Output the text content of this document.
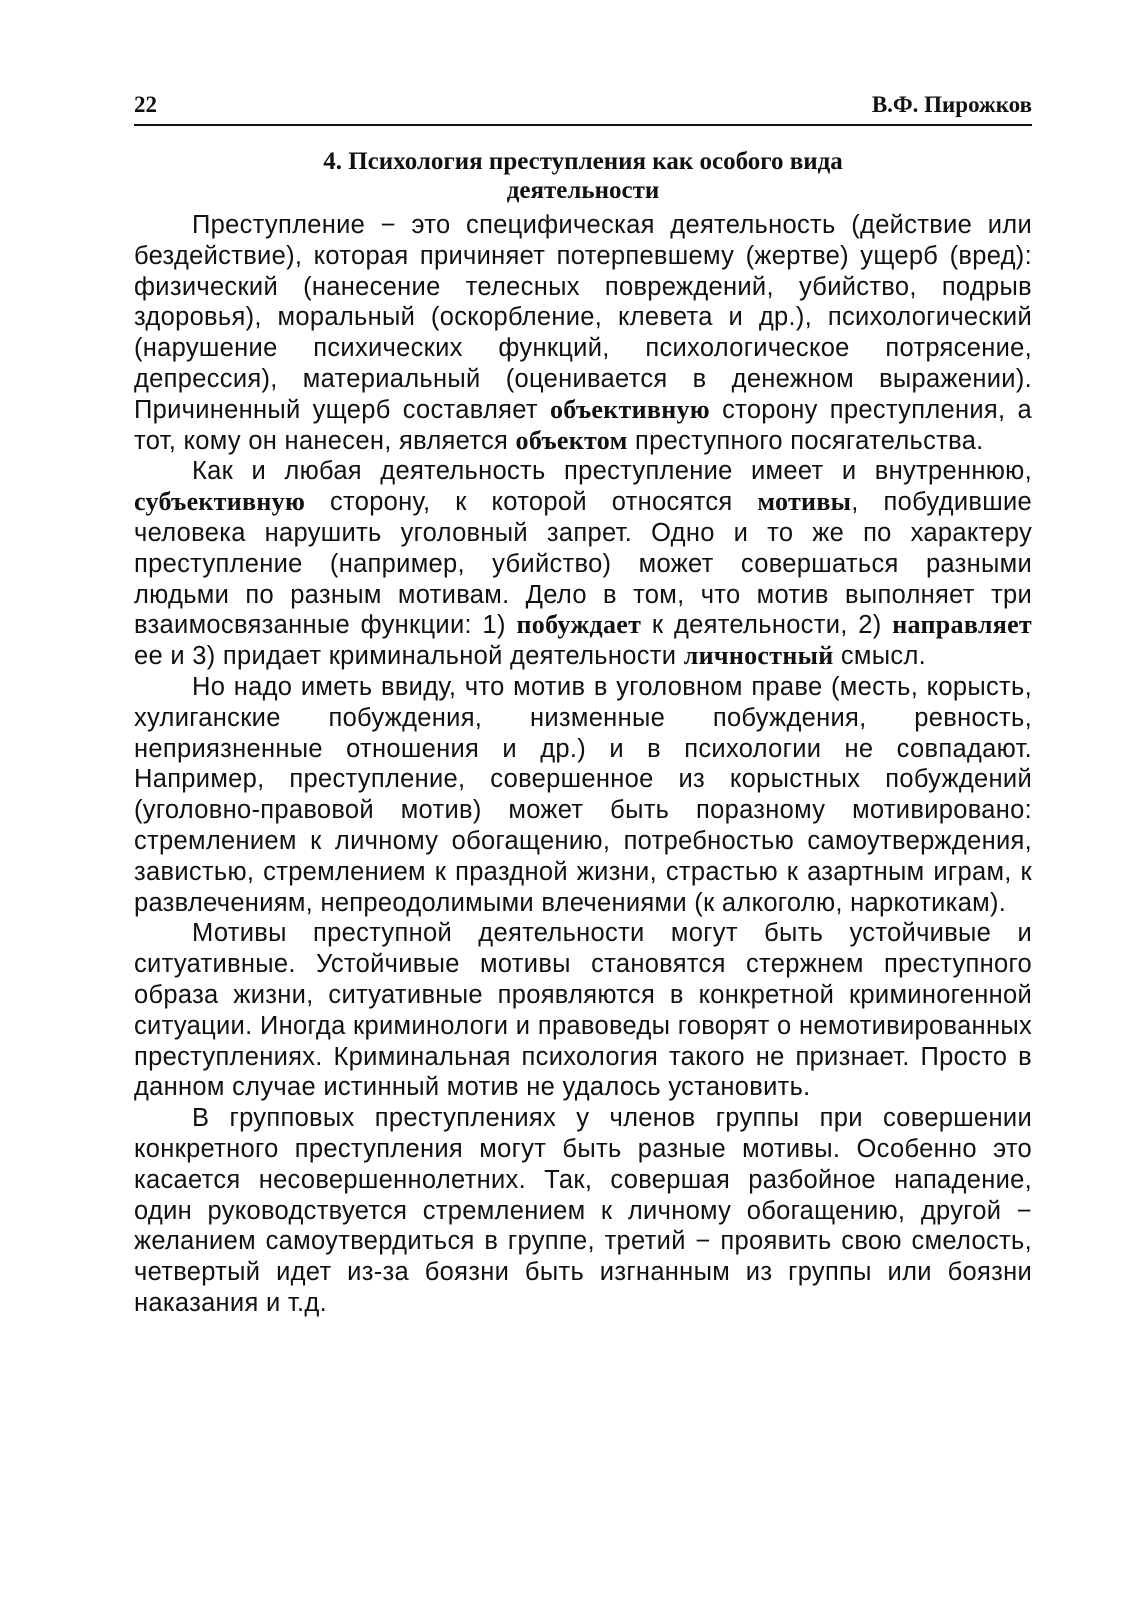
22	В.Ф. Пирожков
4. Психология преступления как особого вида
деятельности

Преступление − это специфическая деятельность (действие или бездействие), которая причиняет потерпевшему (жертве) ущерб (вред): физический (нанесение телесных повреждений, убийство, подрыв здоровья), моральный (оскорбление, клевета и др.), психологический (нарушение психических функций, психологическое потрясение, депрессия), материальный (оценивается в денежном выражении). Причиненный ущерб составляет объективную сторону преступления, а тот, кому он нанесен, является объектом преступного посягательства.

Как и любая деятельность преступление имеет и внутреннюю, субъективную сторону, к которой относятся мотивы, побудившие человека нарушить уголовный запрет. Одно и то же по характеру преступление (например, убийство) может совершаться разными людьми по разным мотивам. Дело в том, что мотив выполняет три взаимосвязанные функции: 1) побуждает к деятельности, 2) направляет ее и 3) придает криминальной деятельности личностный смысл.

Но надо иметь ввиду, что мотив в уголовном праве (месть, корысть, хулиганские побуждения, низменные побуждения, ревность, неприязненные отношения и др.) и в психологии не совпадают. Например, преступление, совершенное из корыстных побуждений (уголовно-правовой мотив) может быть поразному мотивировано: стремлением к личному обогащению, потребностью самоутверждения, завистью, стремлением к праздной жизни, страстью к азартным играм, к развлечениям, непреодолимыми влечениями (к алкоголю, наркотикам).

Мотивы преступной деятельности могут быть устойчивые и ситуативные. Устойчивые мотивы становятся стержнем преступного образа жизни, ситуативные проявляются в конкретной криминогенной ситуации. Иногда криминологи и правоведы говорят о немотивированных преступлениях. Криминальная психология такого не признает. Просто в данном случае истинный мотив не удалось установить.

В групповых преступлениях у членов группы при совершении конкретного преступления могут быть разные мотивы. Особенно это касается несовершеннолетних. Так, совершая разбойное нападение, один руководствуется стремлением к личному обогащению, другой − желанием самоутвердиться в группе, третий − проявить свою смелость, четвертый идет из-за боязни быть изгнанным из группы или боязни наказания и т.д.
